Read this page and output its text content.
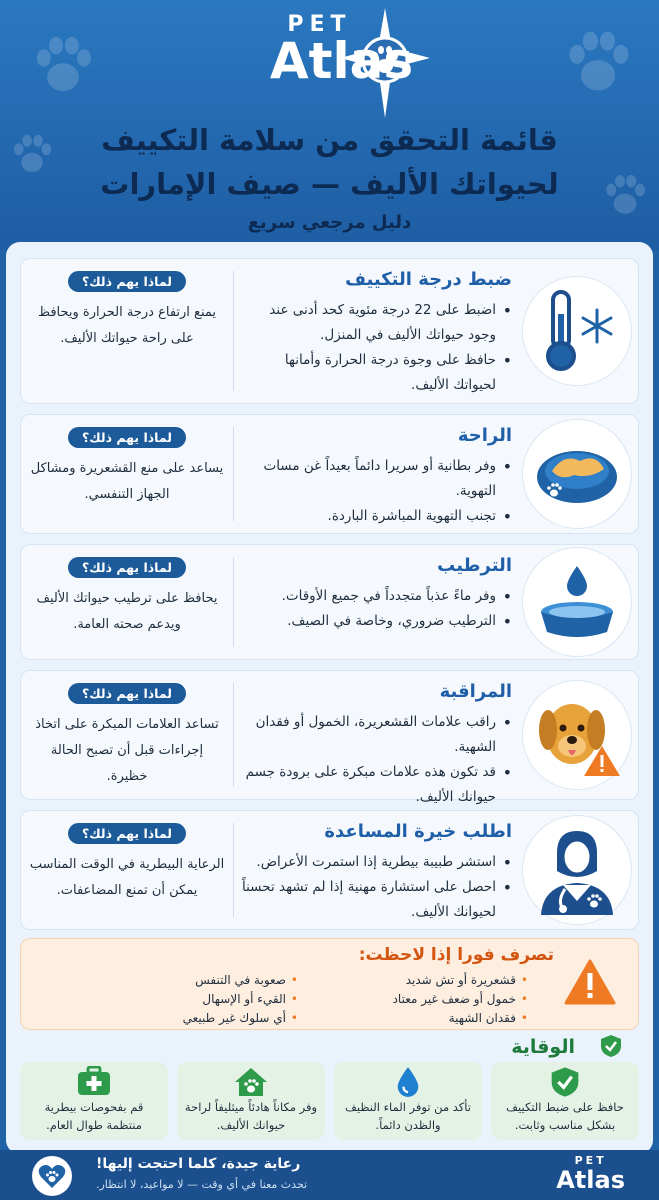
PET
Atlas
قائمة التحقق من سلامة التكييف
لحيواتك الأليف — صيف الإمارات
دليل مرجعي سريع
ضبط درجة التكييف
• اضبط على 22 درجة مئوية كحد أدنى عند وجود حيواتك الأليف في المنزل.
• حافظ على وجوة درجة الحرارة وأمانها لحيواتك الأليف.
لماذا يهم ذلك؟

يمنع ارتفاع درجة الحرارة ويحافظ على راحة حيواتك الأليف.

الراحة
• وفر بطانية أو سريرا دائماً بعيداً غن مسات التهوية.
• تجنب التهوية المباشرة الباردة.
لماذا يهم ذلك؟

يساعد على منع القشعريرة ومشاكل الجهاز التنفسي.

الترطيب
• وفر ماءً عذباً متجدداً في جميع الأوقات.
• الترطيب ضروري، وخاصة في الصيف.
لماذا يهم ذلك؟

يحافظ على ترطيب حيواتك الأليف ويدعم صحته العامة.

المراقبة
• راقب علامات القشعريرة، الخمول أو فقدان الشهية.
• قد تكون هذه علامات مبكرة على برودة جسم حيوانك الأليف.
لماذا يهم ذلك؟

تساعد العلامات المبكرة على اتخاذ إجراءات قبل أن تصبح الحالة خظيرة.

اطلب خيرة المساعدة
• استشر طبيبة بيطرية إذا استمرت الأعراض.
• احصل على استشارة مهنية إذا لم تشهد تحسناً لحيوانك الأليف.
لماذا يهم ذلك؟

الرعاية البيطرية في الوقت المناسب يمكن أن تمنع المضاعفات.

تصرف فورا إذا لاحظت:
• قشعريرة أو تش شديد
• خمول أو ضعف غير معتاد
• فقدان الشهية
• صعوبة في التنفس
• القيء أو الإسهال
• أي سلوك غير طبيعي
الوقاية

حافظ على ضبط التكييف بشكل مناسب وثابت.

تأكد من توفر الماء النظيف والظدن دائماً.

وفر مكاناً هادئاً ميثليفاً لراحة حيوانك الأليف.

قم بفحوصات بيطرية منتظمة طوال العام.

رعاية جيدة، كلما احتجت إليها!
تحدث معنا في أي وقت — لا مواعيد، لا انتظار.
PET
Atlas
